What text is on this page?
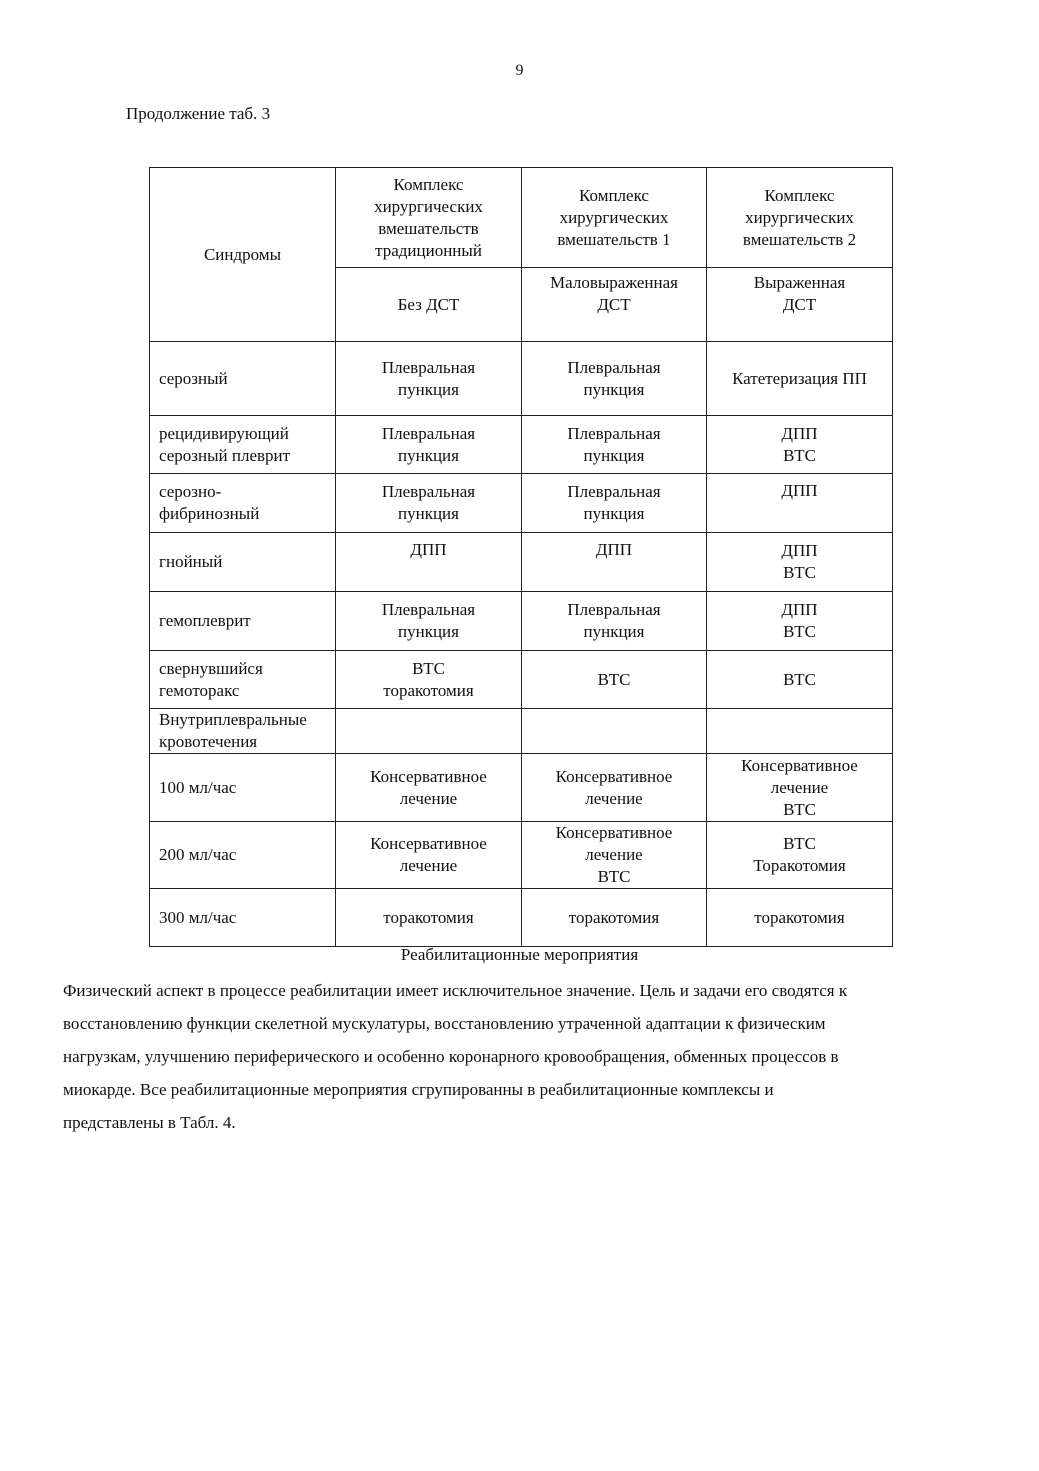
9
Продолжение таб. 3
Синдромы	Комплекс
хирургических
вмешательств
традиционный	Комплекс
хирургических
вмешательств 1	Комплекс
хирургических
вмешательств 2

	Без ДСТ	Маловыраженная
ДСТ	Выраженная
ДСТ

серозный	Плевральная
пункция	Плевральная
пункция	Катетеризация ПП

рецидивирующий
серозный плеврит	Плевральная
пункция	Плевральная
пункция	ДПП
ВТС

серозно-
фибринозный	Плевральная
пункция	Плевральная
пункция	ДПП

гнойный	ДПП	ДПП	ДПП
ВТС

гемоплеврит	Плевральная
пункция	Плевральная
пункция	ДПП
ВТС

свернувшийся
гемоторакс	ВТС
торакотомия	ВТС	ВТС

Внутриплевральные
кровотечения			

100 мл/час	Консервативное
лечение	Консервативное
лечение	Консервативное
лечение
ВТС

200 мл/час	Консервативное
лечение	Консервативное
лечение
ВТС	ВТС
Торакотомия

300 мл/час	торакотомия	торакотомия	торакотомия
Реабилитационные мероприятия
Физический аспект в процессе реабилитации имеет исключительное значение. Цель и задачи его сводятся к
восстановлению функции скелетной мускулатуры, восстановлению утраченной адаптации к физическим
нагрузкам, улучшению периферического и особенно коронарного кровообращения, обменных процессов в
миокарде. Все реабилитационные мероприятия сгрупированны в реабилитационные комплексы и
представлены в Табл. 4.
